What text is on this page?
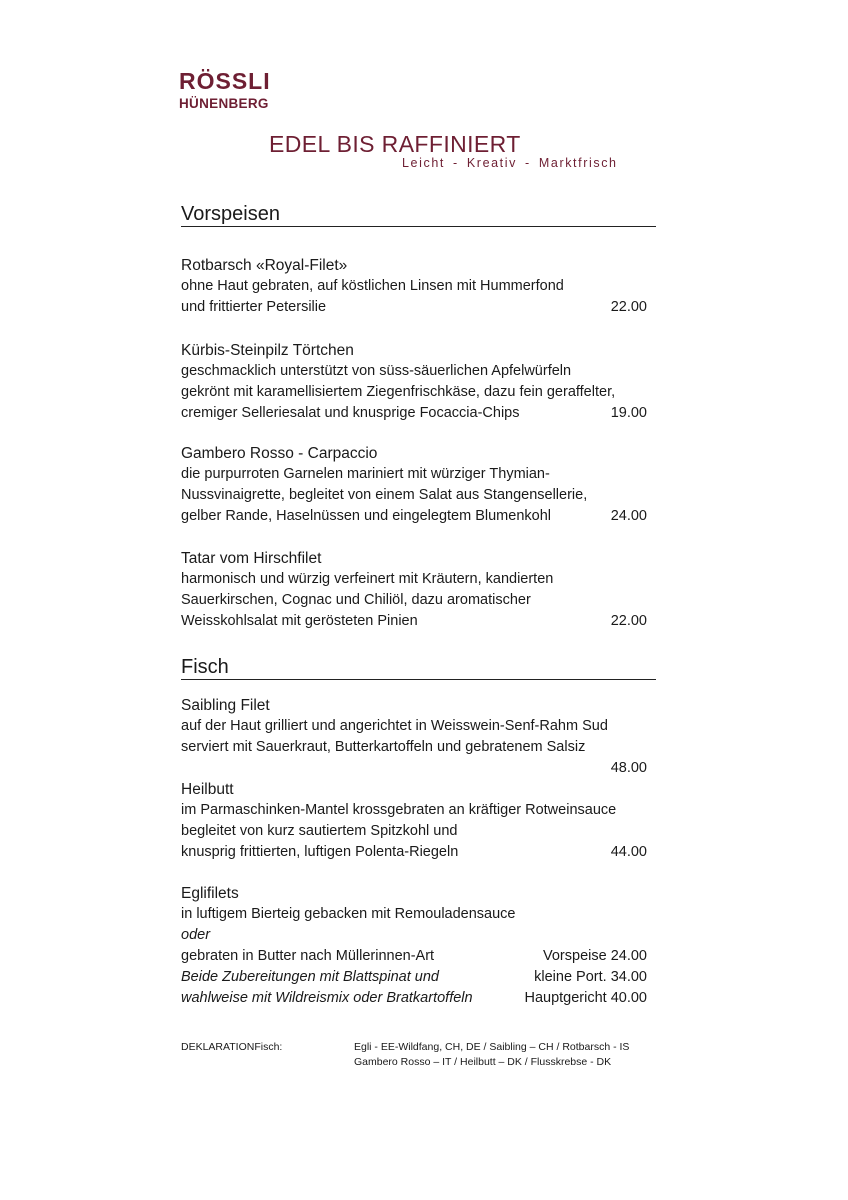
RÖSSLI
HÜNENBERG
EDEL BIS RAFFINIERT
Leicht - Kreativ - Marktfrisch
Vorspeisen
Rotbarsch «Royal-Filet»
ohne Haut gebraten, auf köstlichen Linsen mit Hummerfond
und frittierter Petersilie	22.00
Kürbis-Steinpilz Törtchen
geschmacklich unterstützt von süss-säuerlichen Apfelwürfeln
gekrönt mit karamellisiertem Ziegenfrischkäse, dazu fein geraffelter,
cremiger Selleriesalat und knusprige Focaccia-Chips	19.00
Gambero Rosso - Carpaccio
die purpurroten Garnelen mariniert mit würziger Thymian-
Nussvinaigrette, begleitet von einem Salat aus Stangensellerie,
gelber Rande, Haselnüssen und eingelegtem Blumenkohl	24.00
Tatar vom Hirschfilet
harmonisch und würzig verfeinert mit Kräutern, kandierten
Sauerkirschen, Cognac und Chiliöl, dazu aromatischer
Weisskohlsalat mit gerösteten Pinien	22.00
Fisch
Saibling Filet
auf der Haut grilliert und angerichtet in Weisswein-Senf-Rahm Sud
serviert mit Sauerkraut, Butterkartoffeln und gebratenem Salsiz
48.00
Heilbutt
im Parmaschinken-Mantel krossgebraten an kräftiger Rotweinsauce
begleitet von kurz sautiertem Spitzkohl und
knusprig frittierten, luftigen Polenta-Riegeln	44.00
Eglifilets
in luftigem Bierteig gebacken mit Remouladensauce
oder
gebraten in Butter nach Müllerinnen-Art	Vorspeise 24.00
Beide Zubereitungen mit Blattspinat und	kleine Port. 34.00
wahlweise mit Wildreismix oder Bratkartoffeln	Hauptgericht 40.00
DEKLARATIONFisch:	Egli - EE-Wildfang, CH, DE / Saibling – CH / Rotbarsch - IS
Gambero Rosso – IT / Heilbutt – DK / Flusskrebse - DK
